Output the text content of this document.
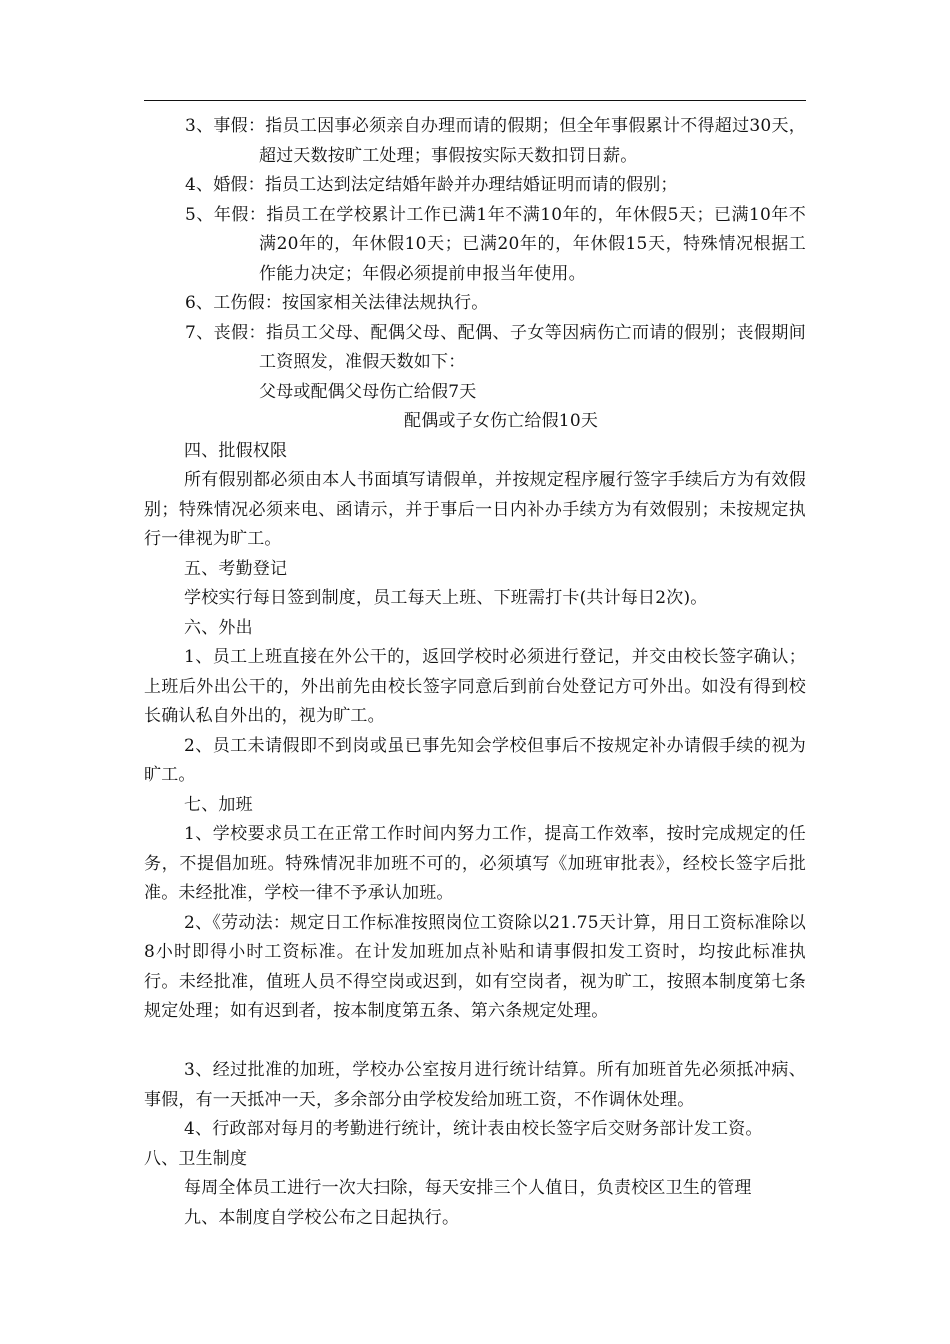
3、事假：指员工因事必须亲自办理而请的假期；但全年事假累计不得超过30天，超过天数按旷工处理；事假按实际天数扣罚日薪。

4、婚假：指员工达到法定结婚年龄并办理结婚证明而请的假别；

5、年假：指员工在学校累计工作已满1年不满10年的，年休假5天；已满10年不满20年的，年休假10天；已满20年的，年休假15天，特殊情况根据工作能力决定；年假必须提前申报当年使用。

6、工伤假：按国家相关法律法规执行。

7、丧假：指员工父母、配偶父母、配偶、子女等因病伤亡而请的假别；丧假期间工资照发，准假天数如下：

父母或配偶父母伤亡给假7天

配偶或子女伤亡给假10天

四、批假权限

所有假别都必须由本人书面填写请假单，并按规定程序履行签字手续后方为有效假别；特殊情况必须来电、函请示，并于事后一日内补办手续方为有效假别；未按规定执行一律视为旷工。

五、考勤登记

学校实行每日签到制度，员工每天上班、下班需打卡(共计每日2次)。

六、外出

1、员工上班直接在外公干的，返回学校时必须进行登记，并交由校长签字确认；上班后外出公干的，外出前先由校长签字同意后到前台处登记方可外出。如没有得到校长确认私自外出的，视为旷工。

2、员工未请假即不到岗或虽已事先知会学校但事后不按规定补办请假手续的视为旷工。

七、加班

1、学校要求员工在正常工作时间内努力工作，提高工作效率，按时完成规定的任务，不提倡加班。特殊情况非加班不可的，必须填写《加班审批表》，经校长签字后批准。未经批准，学校一律不予承认加班。

2、《劳动法：规定日工作标准按照岗位工资除以21.75天计算，用日工资标准除以8小时即得小时工资标准。在计发加班加点补贴和请事假扣发工资时，均按此标准执行。未经批准，值班人员不得空岗或迟到，如有空岗者，视为旷工，按照本制度第七条规定处理；如有迟到者，按本制度第五条、第六条规定处理。

3、经过批准的加班，学校办公室按月进行统计结算。所有加班首先必须抵冲病、事假，有一天抵冲一天，多余部分由学校发给加班工资，不作调休处理。

4、行政部对每月的考勤进行统计，统计表由校长签字后交财务部计发工资。

八、卫生制度

每周全体员工进行一次大扫除，每天安排三个人值日，负责校区卫生的管理

九、本制度自学校公布之日起执行。
